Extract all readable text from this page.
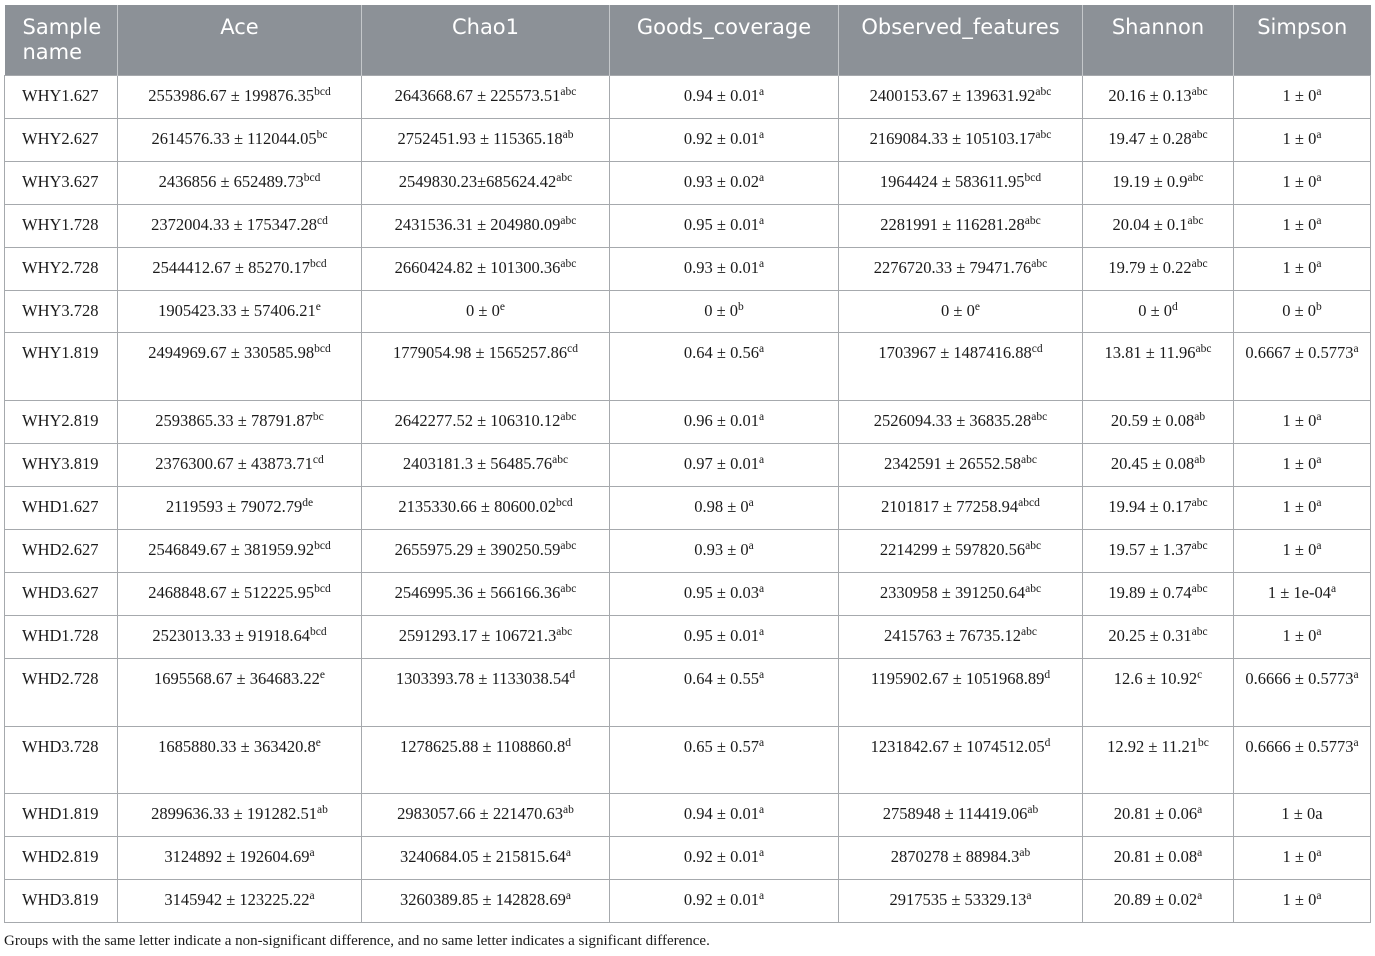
Sample name	Ace	Chao1	Goods_coverage	Observed_features	Shannon	Simpson

WHY1.627	2553986.67 ± 199876.35$^{bcd}$	2643668.67 ± 225573.51$^{abc}$	0.94 ± 0.01$^a$	2400153.67 ± 139631.92$^{abc}$	20.16 ± 0.13$^{abc}$	$1 \pm 0^a$
WHY2.627	2614576.33 ± 112044.05$^{bc}$	2752451.93 ± 115365.18$^{ab}$	0.92 ± 0.01$^a$	2169084.33 ± 105103.17$^{abc}$	19.47 ± 0.28$^{abc}$	$1 \pm 0^a$
WHY3.627	2436856 ± 652489.73$^{bcd}$	2549830.23±685624.42$^{abc}$	0.93 ± 0.02$^a$	1964424 ± 583611.95$^{bcd}$	19.19 ± 0.9$^{abc}$	$1 \pm 0^a$
WHY1.728	2372004.33 ± 175347.28$^{cd}$	2431536.31 ± 204980.09$^{abc}$	0.95 ± 0.01$^a$	2281991 ± 116281.28$^{abc}$	20.04 ± 0.1$^{abc}$	$1 \pm 0^a$
WHY2.728	2544412.67 ± 85270.17$^{bcd}$	2660424.82 ± 101300.36$^{abc}$	0.93 ± 0.01$^a$	2276720.33 ± 79471.76$^{abc}$	19.79 ± 0.22$^{abc}$	$1 \pm 0^a$
WHY3.728	1905423.33 ± 57406.21$^e$	$0 \pm 0^e$	$0 \pm 0^b$	$0 \pm 0^e$	$0 \pm 0^d$	$0 \pm 0^b$
WHY1.819	2494969.67 ± 330585.98$^{bcd}$	1779054.98 ± 1565257.86$^{cd}$	0.64 ± 0.56$^a$	1703967 ± 1487416.88$^{cd}$	13.81 ± 11.96$^{abc}$	0.6667 ± 0.5773$^a$
WHY2.819	2593865.33 ± 78791.87$^{bc}$	2642277.52 ± 106310.12$^{abc}$	0.96 ± 0.01$^a$	2526094.33 ± 36835.28$^{abc}$	20.59 ± 0.08$^{ab}$	$1 \pm 0^a$
WHY3.819	2376300.67 ± 43873.71$^{cd}$	2403181.3 ± 56485.76$^{abc}$	0.97 ± 0.01$^a$	2342591 ± 26552.58$^{abc}$	20.45 ± 0.08$^{ab}$	$1 \pm 0^a$
WHD1.627	2119593 ± 79072.79de	2135330.66 ± 80600.02$^{bcd}$	$0.98 \pm 0^a$	$2101817 \pm 77258.94^{abcd}$	19.94 ± 0.17$^{abc}$	$1 \pm 0^a$
WHD2.627	2546849.67 ± 381959.92$^{bcd}$	2655975.29 ± 390250.59$^{abc}$	$0.93 \pm 0^a$	2214299 ± 597820.56$^{abc}$	19.57 ± 1.37$^{abc}$	$1 \pm 0^a$
WHD3.627	2468848.67 ± 512225.95$^{bcd}$	2546995.36 ± 566166.36$^{abc}$	0.95 ± 0.03$^a$	2330958 ± 391250.64$^{abc}$	19.89 ± 0.74$^{abc}$	$1 \pm 1e-04^a$
WHD1.728	2523013.33 ± 91918.64$^{bcd}$	2591293.17 ± 106721.3$^{abc}$	0.95 ± 0.01$^a$	2415763 ± 76735.12$^{abc}$	20.25 ± 0.31$^{abc}$	$1 \pm 0^a$
WHD2.728	1695568.67 ± 364683.22$^e$	1303393.78 ± 1133038.54$^d$	0.64 ± 0.55$^a$	1195902.67 ± 1051968.89$^d$	12.6 ± 10.92$^c$	0.6666 ± 0.5773$^a$
WHD3.728	1685880.33 ± 363420.8$^e$	1278625.88 ± 1108860.8$^d$	0.65 ± 0.57$^a$	1231842.67 ± 1074512.05$^d$	12.92 ± 11.21$^{bc}$	0.6666 ± 0.5773$^a$
WHD1.819	2899636.33 ± 191282.51$^{ab}$	2983057.66 ± 221470.63$^{ab}$	0.94 ± 0.01$^a$	2758948 ± 114419.06$^{ab}$	20.81 ± 0.06$^a$	1 ± 0a
WHD2.819	3124892 ± 192604.69$^a$	3240684.05 ± 215815.64$^a$	0.92 ± 0.01$^a$	2870278 ± 88984.3$^{ab}$	20.81 ± 0.08$^a$	$1 \pm 0^a$
WHD3.819	3145942 ± 123225.22$^a$	3260389.85 ± 142828.69$^a$	0.92 ± 0.01$^a$	2917535 ± 53329.13$^a$	20.89 ± 0.02$^a$	$1 \pm 0^a$
Groups with the same letter indicate a non-significant difference, and no same letter indicates a significant difference.
